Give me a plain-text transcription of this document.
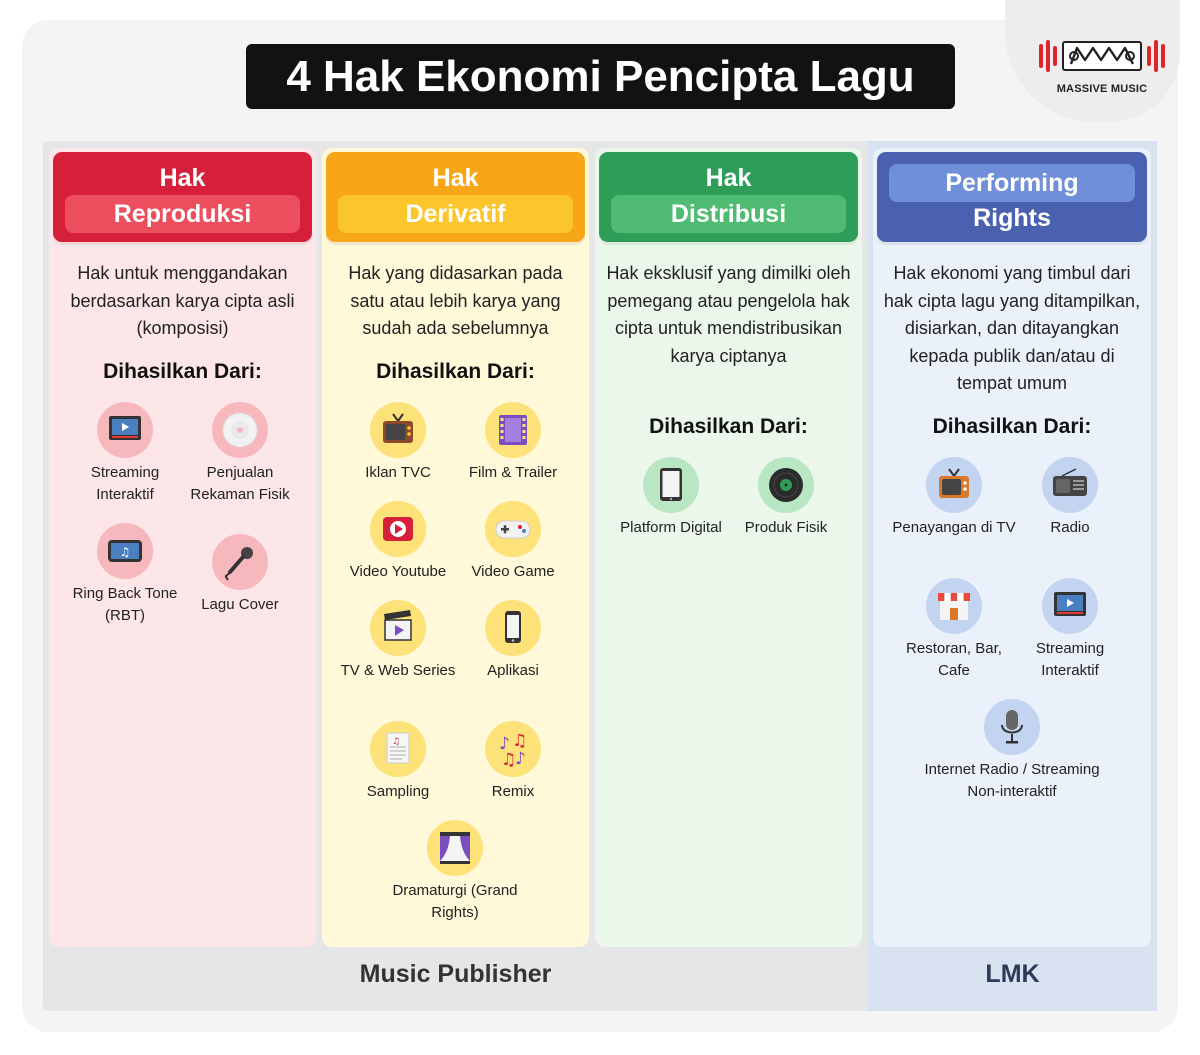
MASSIVE MUSIC
4 Hak Ekonomi Pencipta Lagu
Hak
Reproduksi
Hak untuk menggandakan berdasarkan karya cipta asli (komposisi)
Dihasilkan Dari:
Streaming Interaktif
Penjualan Rekaman Fisik
♫
Ring Back Tone (RBT)
Lagu Cover
Hak
Derivatif
Hak yang didasarkan pada satu atau lebih karya yang sudah ada sebelumnya
Dihasilkan Dari:
Iklan TVC	Film & Trailer
Video Youtube	Video Game
TV & Web Series	Aplikasi
♫
Sampling
♪ ♫
♫
♪
Remix
Dramaturgi (Grand Rights)
Hak
Distribusi
Hak eksklusif yang dimilki oleh pemegang atau pengelola hak cipta untuk mendistribusikan karya ciptanya
Dihasilkan Dari:
Platform Digital	Produk Fisik
Performing
Rights
Hak ekonomi yang timbul dari hak cipta lagu yang ditampilkan, disiarkan, dan ditayangkan kepada publik dan/atau di tempat umum
Dihasilkan Dari:
Penayangan di TV	Radio
Restoran, Bar, Cafe
Streaming Interaktif
Internet Radio / Streaming Non-interaktif
Music Publisher	LMK
